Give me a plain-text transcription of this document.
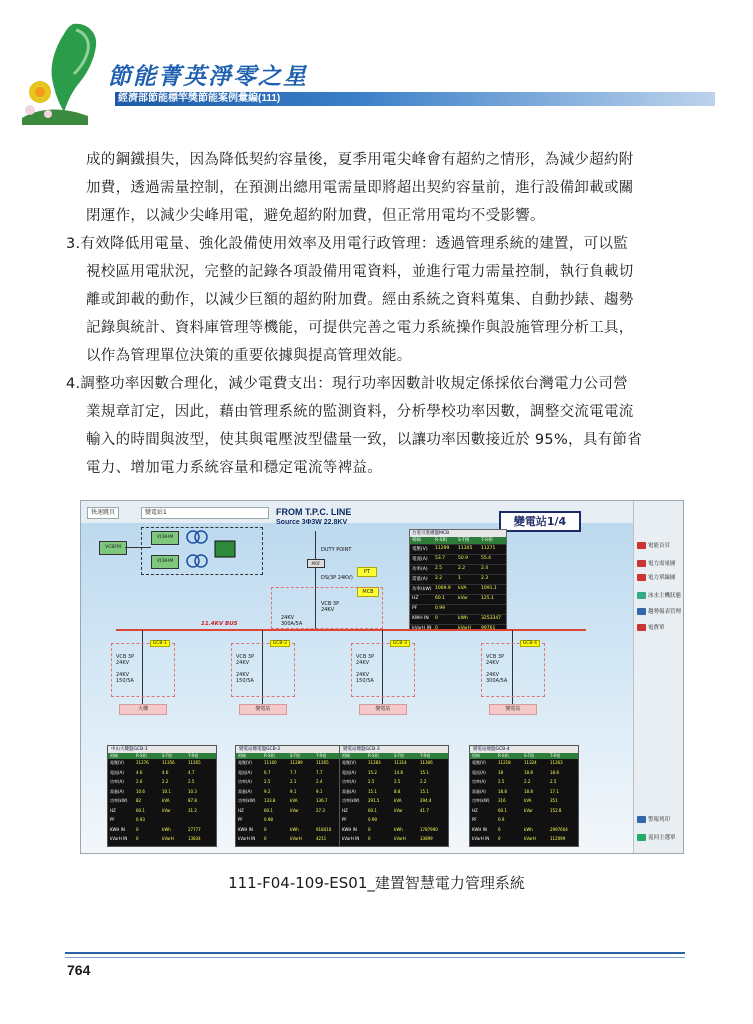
節能菁英淨零之星
經濟部節能標竿獎節能案例彙編(111)
成的鋼鐵損失，因為降低契約容量後，夏季用電尖峰會有超約之情形，為減少超約附
加費，透過需量控制，在預測出總用電需量即將超出契約容量前，進行設備卸載或關
閉運作，以減少尖峰用電，避免超約附加費，但正常用電均不受影響。
3.有效降低用電量、強化設備使用效率及用電行政管理：透過管理系統的建置，可以監
視校區用電狀況，完整的記錄各項設備用電資料，並進行電力需量控制，執行負載切
離或卸載的動作，以減少巨額的超約附加費。經由系統之資料蒐集、自動抄錶、趨勢
記錄與統計、資料庫管理等機能，可提供完善之電力系統操作與設施管理分析工具，
以作為管理單位決策的重要依據與提高管理效能。
4.調整功率因數合理化，減少電費支出：現行功率因數計收規定係採依台灣電力公司營
業規章訂定，因此，藉由管理系統的監測資料，分析學校功率因數，調整交流電電流
輸入的時間與波型，使其與電壓波型儘量一致，以讓功率因數接近於 95%，具有節省
電力、增加電力系統容量和穩定電流等裨益。
快速跳頁	變電站1	FROM T.P.C. LINE
Source 3Φ3W 22.8KV	變電站1/4
VCBFM
VCBHM
VCBHM
DUTY POINT
MOF
PT
DS(3P 24KV)
MCB
VCB 3P
24KV
24KV
300A/5A
台電引進總盤MCB
相線	R-S相 S-T相	T-R相
電壓(V) 11299 11305 11271
電流(A) 53.7	50.9	55.4
功率(A) 2.5	2.2	2.4
需量(A) 2.2	1	2.3
功率(kW) 1069.9 kVA	1091.1
HZ	60.1	kVar	125.1
PF	0.99
KWH IN 0	kWh	3253347
11.4KV BUS
GCB-1
VCB 3P
24KV
24KV
150/5A
大樓
GCB-2
VCB 3P
24KV
24KV
150/5A
變電站
GCB-3
VCB 3P
24KV
24KV
150/5A
變電站
GCB-4
VCB 3P
24KV
24KV
300A/5A
變電站
中山大樓盤GCB-1
相線	R-S相	S-T相	T-R相
電壓(V)	11276	11356	11265
電流(A)	4.6	4.6	4.7
功率(A)	2.6	2.2	2.5
需量(A)	10.6	10.1	10.3
功率(kW) 82	kVA	87.8
HZ	60.1	kVar	31.2
PF	0.93
KWH IN	0	kWh	27777
kVarH IN 0	kVarH	13834
變電站總電盤GCB-2
相線	R-S相	S-T相	T-R相
電壓(V)	11100	11289	11265
電流(A)	6.7	7.7	7.7
功率(A)	2.5	2.1	2.4
需量(A)	9.2	9.1	9.1
功率(kW) 133.8	kVA	136.7
HZ	60.1	kVar	27.3
PF	0.98
KWH IN	0	kWh	918410
kVarH IN 0	kVarH	4211
變電站總盤GCB-3
相線	R-S相	S-T相	T-R相
電壓(V)	11283	11314	11306
電流(A)	15.2	14.8	15.1
功率(A)	2.5	2.5	2.2
需量(A)	15.1	8.8	15.1
功率(kW) 291.5	kVA	294.4
HZ	60.1	kVar	41.7
PF	0.99
KWH IN	0	kWh	1787990
kVarH IN 0	kVarH	33899
變電站總盤GCB-4
相線	R-S相	S-T相	T-R相
電壓(V)	11218	11324	11263
電流(A)	18	18.8	18.8
功率(A)	2.5	2.2	2.5
需量(A)	18.8	18.8	17.1
功率(kW) 316	kVA	351
HZ	60.1	kVar	152.8
PF	0.9
KWH IN	0	kWh	2997604
kVarH IN 0	kVarH	112099
電能首頁
電力需量圖
電力單線圖
冰水主機狀態
趨勢報表管理
電費單
警報列印
返回主選單
111-F04-109-ES01_建置智慧電力管理系統
764
